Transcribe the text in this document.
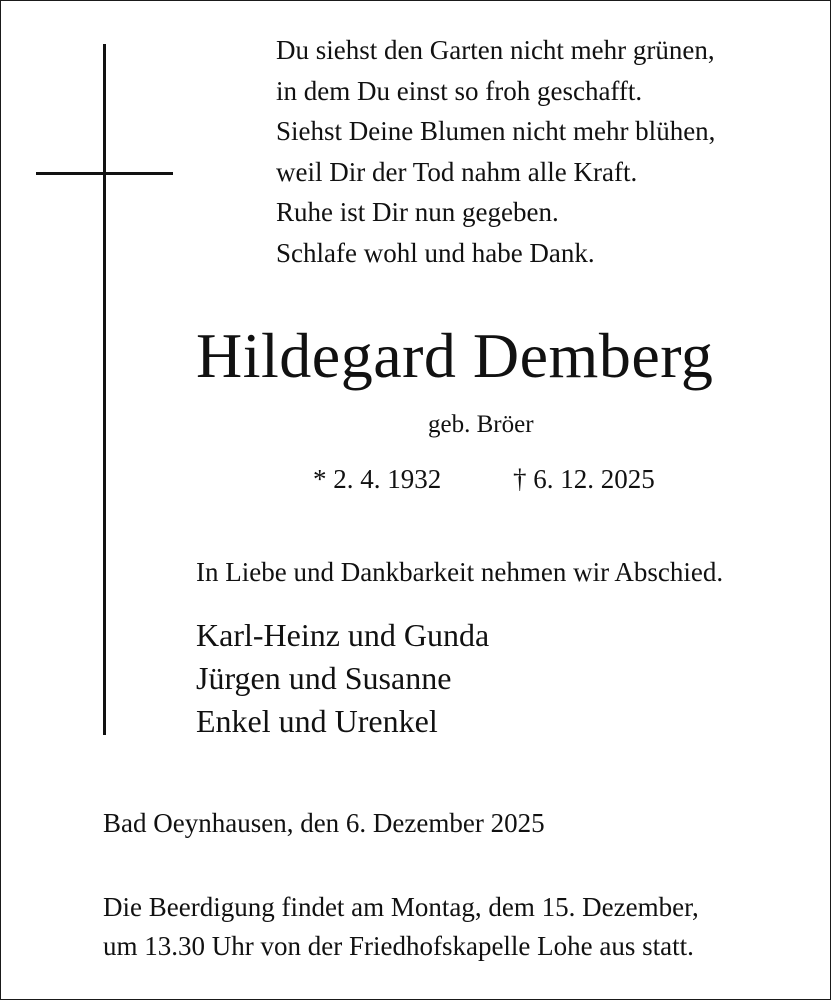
Du siehst den Garten nicht mehr grünen,
in dem Du einst so froh geschafft.
Siehst Deine Blumen nicht mehr blühen,
weil Dir der Tod nahm alle Kraft.
Ruhe ist Dir nun gegeben.
Schlafe wohl und habe Dank.
Hildegard Demberg
geb. Bröer
* 2. 4. 1932	† 6. 12. 2025
In Liebe und Dankbarkeit nehmen wir Abschied.
Karl-Heinz und Gunda
Jürgen und Susanne
Enkel und Urenkel
Bad Oeynhausen, den 6. Dezember 2025
Die Beerdigung findet am Montag, dem 15. Dezember,
um 13.30 Uhr von der Friedhofskapelle Lohe aus statt.
